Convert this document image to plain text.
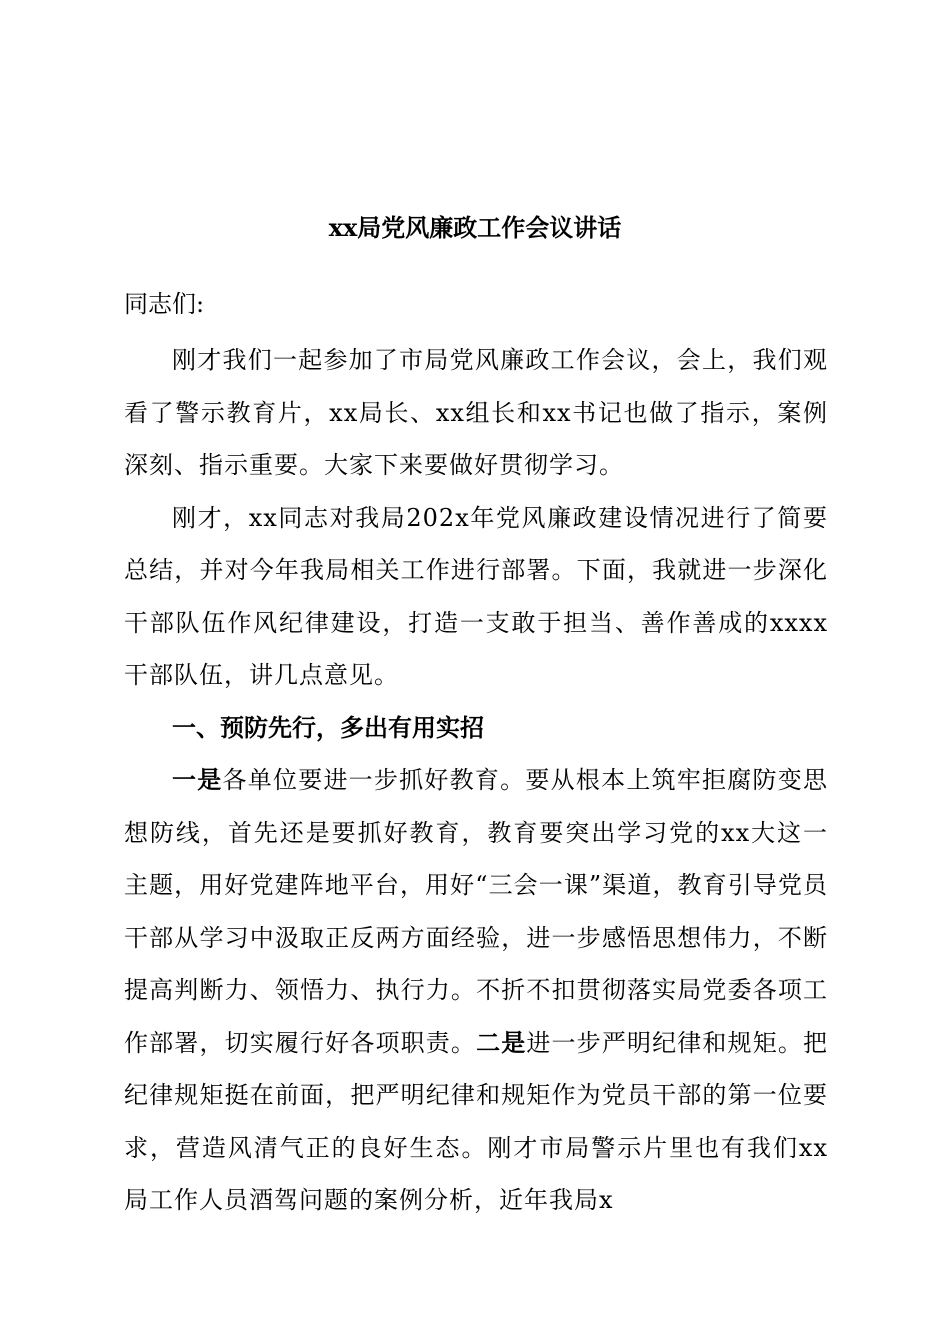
xx局党风廉政工作会议讲话

同志们:

刚才我们一起参加了市局党风廉政工作会议，会上，我们观看了警示教育片，xx局长、xx组长和xx书记也做了指示，案例深刻、指示重要。大家下来要做好贯彻学习。

刚才，xx同志对我局202x年党风廉政建设情况进行了简要总结，并对今年我局相关工作进行部署。下面，我就进一步深化干部队伍作风纪律建设，打造一支敢于担当、善作善成的xxxx干部队伍，讲几点意见。

一、预防先行，多出有用实招

一是各单位要进一步抓好教育。要从根本上筑牢拒腐防变思想防线，首先还是要抓好教育，教育要突出学习党的xx大这一主题，用好党建阵地平台，用好“三会一课”渠道，教育引导党员干部从学习中汲取正反两方面经验，进一步感悟思想伟力，不断提高判断力、领悟力、执行力。不折不扣贯彻落实局党委各项工作部署，切实履行好各项职责。二是进一步严明纪律和规矩。把纪律规矩挺在前面，把严明纪律和规矩作为党员干部的第一位要求，营造风清气正的良好生态。刚才市局警示片里也有我们xx局工作人员酒驾问题的案例分析，近年我局x
